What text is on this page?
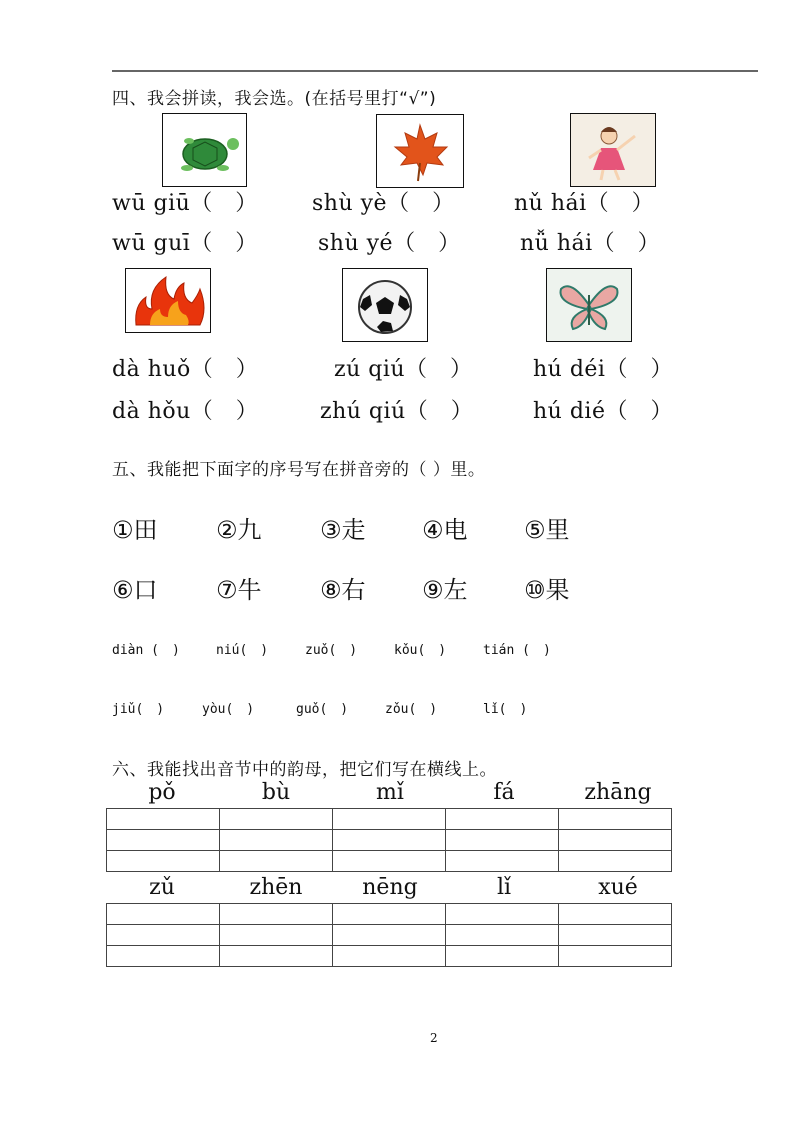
四、我会拼读，我会选。(在括号里打“√”)
wū giū（　） shù yè（　）	nǔ hái（　）
wū guī（　）	shù yé（　）	nǚ hái（　）
dà huǒ（　）	zú qiú（　）	hú déi（　）
dà hǒu（　）	zhú qiú（　）	hú dié（　）
五、我能把下面字的序号写在拼音旁的（ ）里。
①田 ②九 ③走 ④电 ⑤里
⑥口 ⑦牛 ⑧右 ⑨左 ⑩果
diàn (　)	niú(　)	zuǒ(　)	kǒu(　)	tián (　)
jiǔ(　)	yòu(　)	guǒ(　)	zǒu(　)	lǐ(　)
六、我能找出音节中的韵母，把它们写在横线上。
pǒ	bù	mǐ	fá	zhāng

zǔ	zhēn	nēng	lǐ	xué

2
